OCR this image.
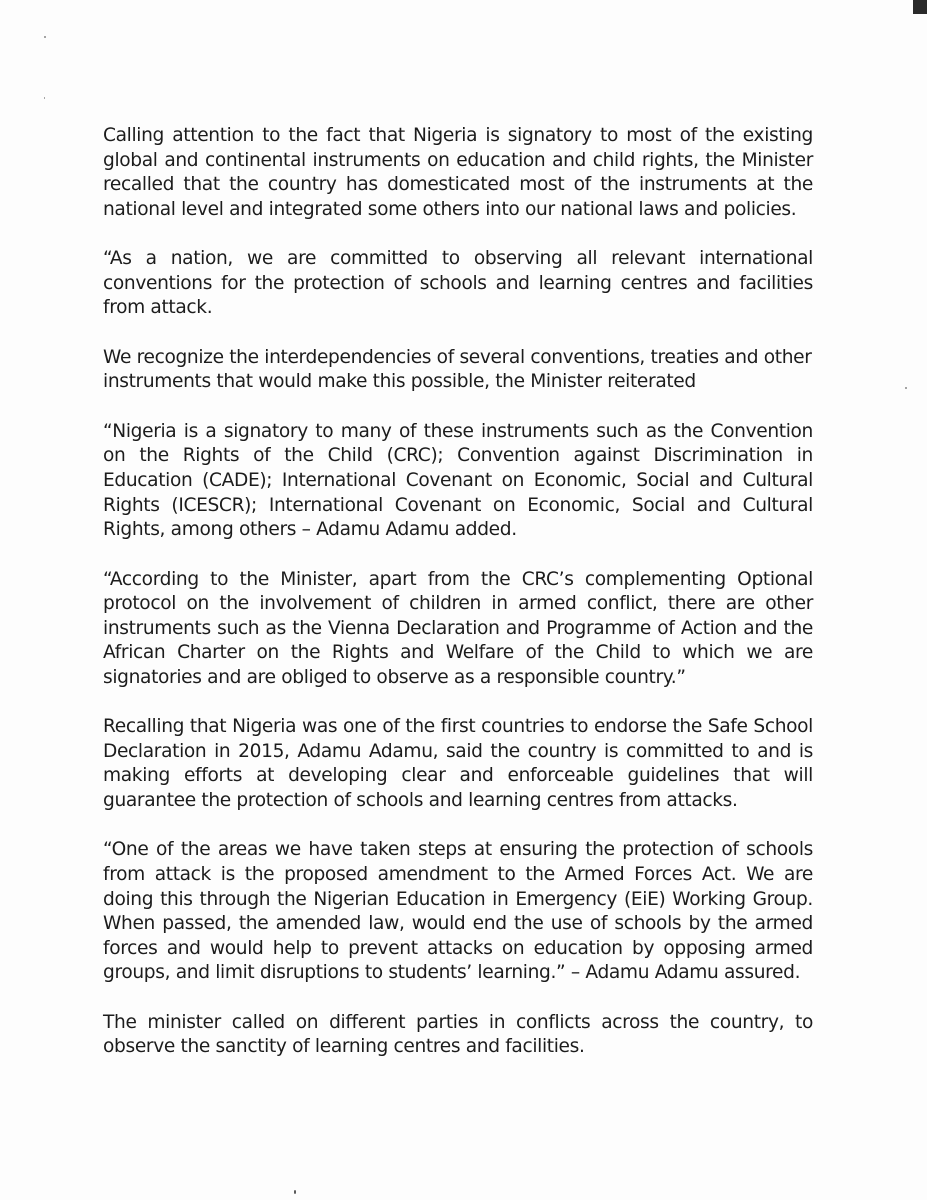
Calling attention to the fact that Nigeria is signatory to most of the existing global and continental instruments on education and child rights, the Minister recalled that the country has domesticated most of the instruments at the national level and integrated some others into our national laws and policies.

“As a nation, we are committed to observing all relevant international conventions for the protection of schools and learning centres and facilities from attack.

We recognize the interdependencies of several conventions, treaties and other instruments that would make this possible, the Minister reiterated

“Nigeria is a signatory to many of these instruments such as the Convention on the Rights of the Child (CRC); Convention against Discrimination in Education (CADE); International Covenant on Economic, Social and Cultural Rights (ICESCR); International Covenant on Economic, Social and Cultural Rights, among others – Adamu Adamu added.

“According to the Minister, apart from the CRC’s complementing Optional protocol on the involvement of children in armed conflict, there are other instruments such as the Vienna Declaration and Programme of Action and the African Charter on the Rights and Welfare of the Child to which we are signatories and are obliged to observe as a responsible country.”

Recalling that Nigeria was one of the first countries to endorse the Safe School Declaration in 2015, Adamu Adamu, said the country is committed to and is making efforts at developing clear and enforceable guidelines that will guarantee the protection of schools and learning centres from attacks.

“One of the areas we have taken steps at ensuring the protection of schools from attack is the proposed amendment to the Armed Forces Act. We are doing this through the Nigerian Education in Emergency (EiE) Working Group. When passed, the amended law, would end the use of schools by the armed forces and would help to prevent attacks on education by opposing armed groups, and limit disruptions to students’ learning.” – Adamu Adamu assured.

The minister called on different parties in conflicts across the country, to observe the sanctity of learning centres and facilities.
